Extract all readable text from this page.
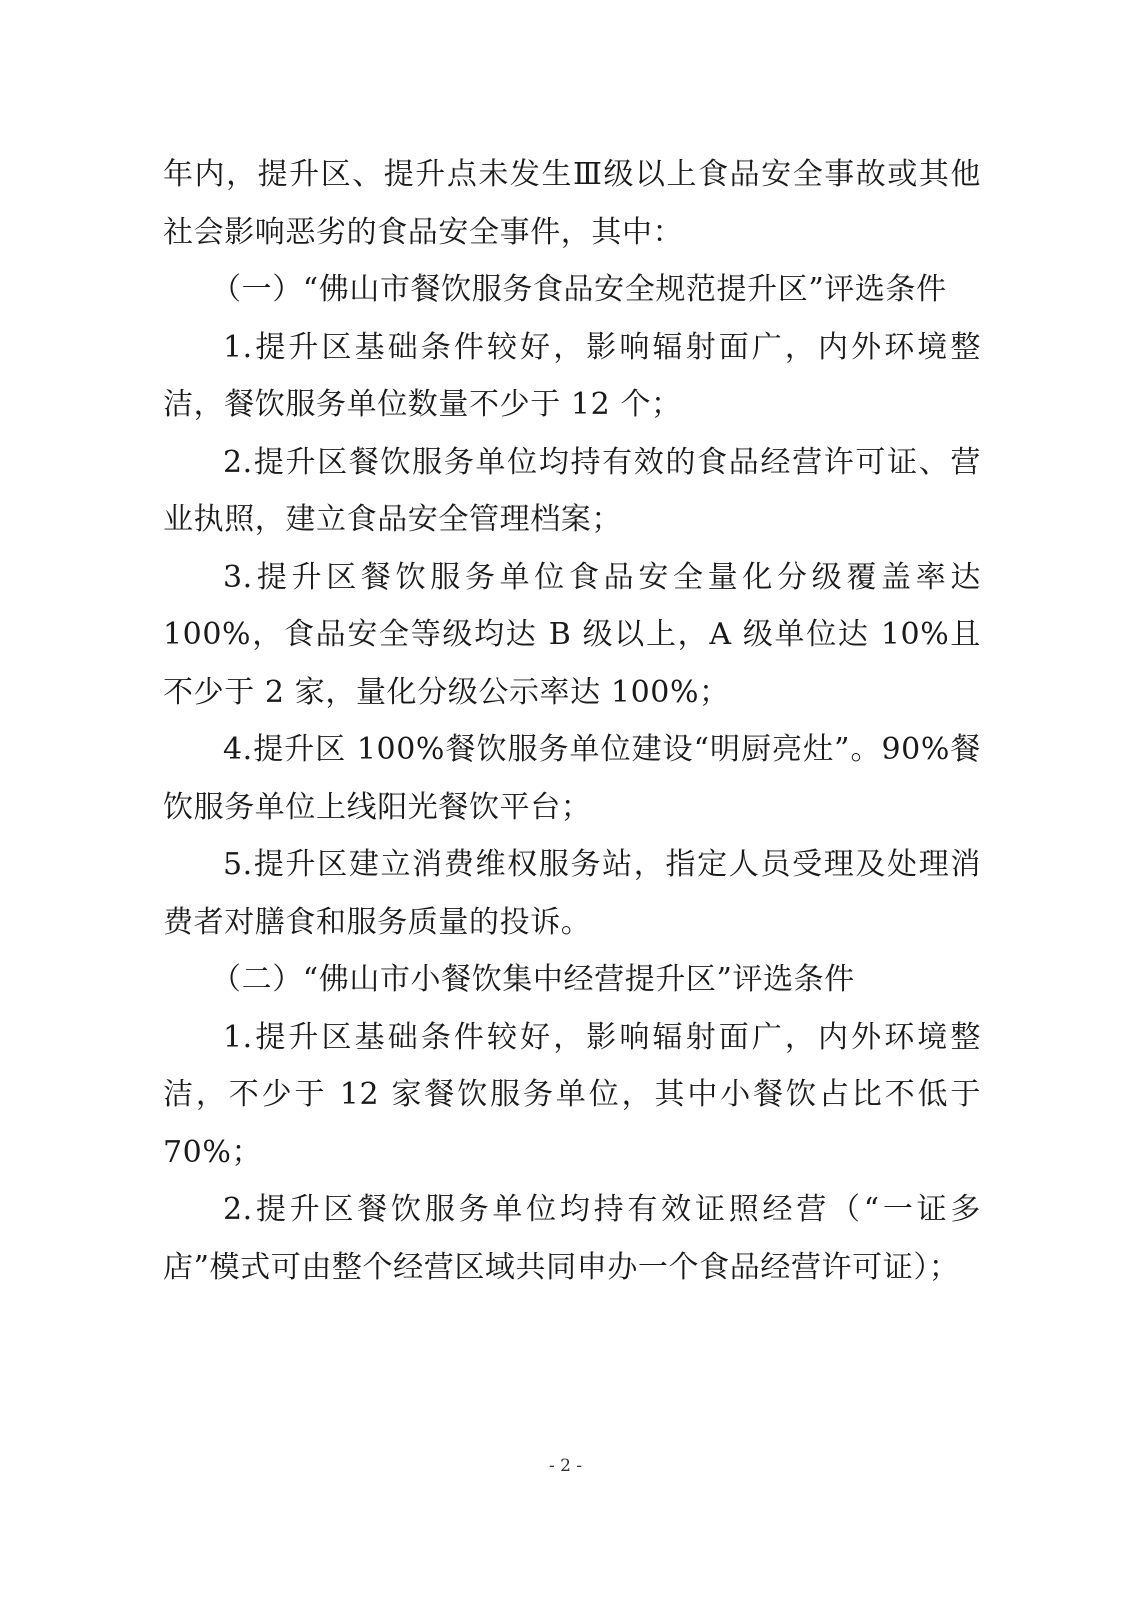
年内，提升区、提升点未发生Ⅲ级以上食品安全事故或其他社会影响恶劣的食品安全事件，其中：

（一）“佛山市餐饮服务食品安全规范提升区”评选条件

1.提升区基础条件较好，影响辐射面广，内外环境整洁，餐饮服务单位数量不少于 12 个；

2.提升区餐饮服务单位均持有效的食品经营许可证、营业执照，建立食品安全管理档案；

3.提升区餐饮服务单位食品安全量化分级覆盖率达 100%，食品安全等级均达 B 级以上，A 级单位达 10%且不少于 2 家，量化分级公示率达 100%；

4.提升区 100%餐饮服务单位建设“明厨亮灶”。90%餐饮服务单位上线阳光餐饮平台；

5.提升区建立消费维权服务站，指定人员受理及处理消费者对膳食和服务质量的投诉。

（二）“佛山市小餐饮集中经营提升区”评选条件

1.提升区基础条件较好，影响辐射面广，内外环境整洁，不少于 12 家餐饮服务单位，其中小餐饮占比不低于 70%；

2.提升区餐饮服务单位均持有效证照经营（“一证多店”模式可由整个经营区域共同申办一个食品经营许可证）；

- 2 -
